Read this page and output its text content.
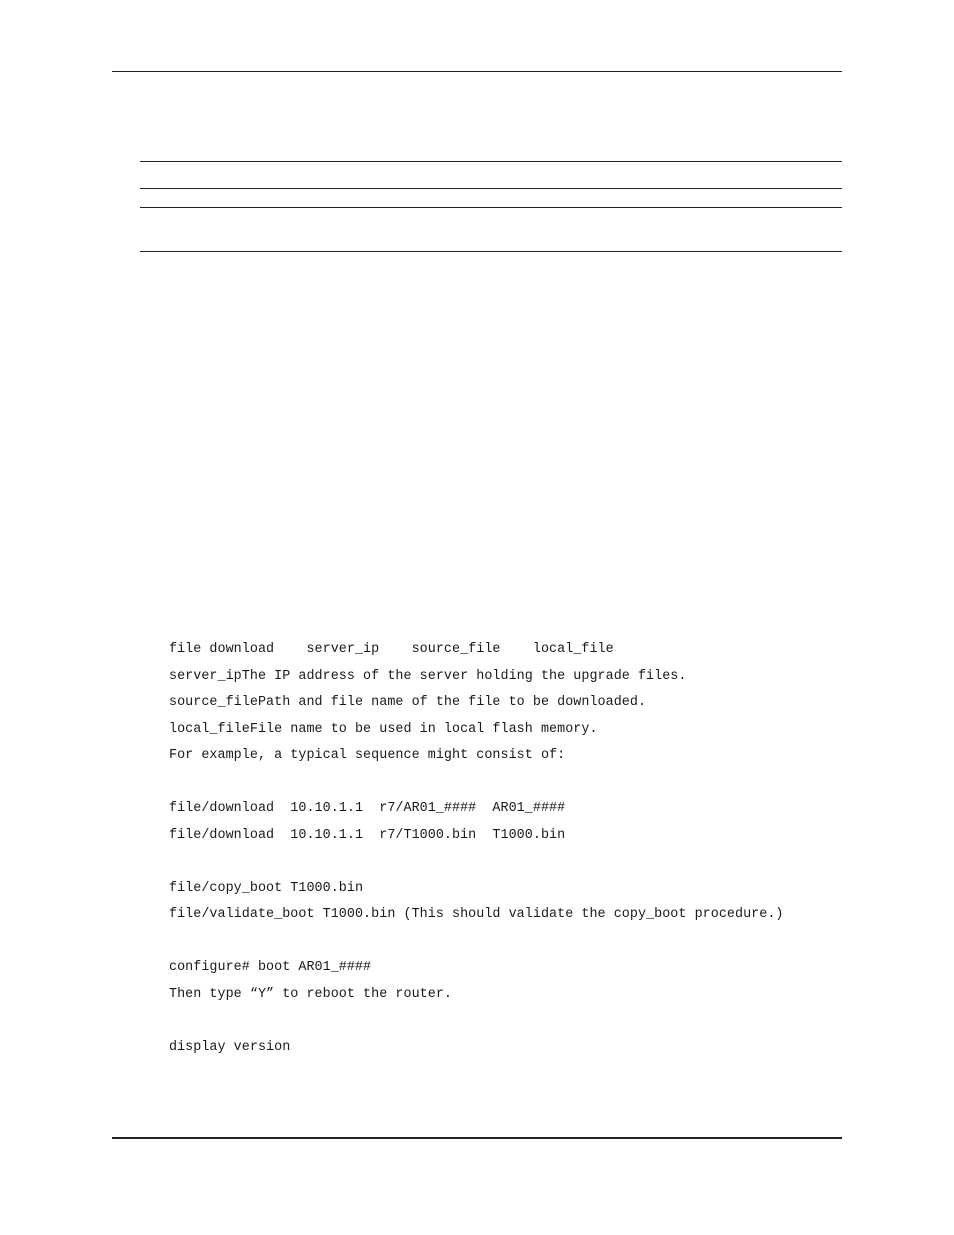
file download    server_ip    source_file    local_file
server_ipThe IP address of the server holding the upgrade files.
source_filePath and file name of the file to be downloaded.
local_fileFile name to be used in local flash memory.
For example, a typical sequence might consist of:
file/download  10.10.1.1  r7/AR01_####  AR01_####
file/download  10.10.1.1  r7/T1000.bin  T1000.bin
file/copy_boot T1000.bin
file/validate_boot T1000.bin (This should validate the copy_boot procedure.)
configure# boot AR01_####
Then type “Y” to reboot the router.
display version
